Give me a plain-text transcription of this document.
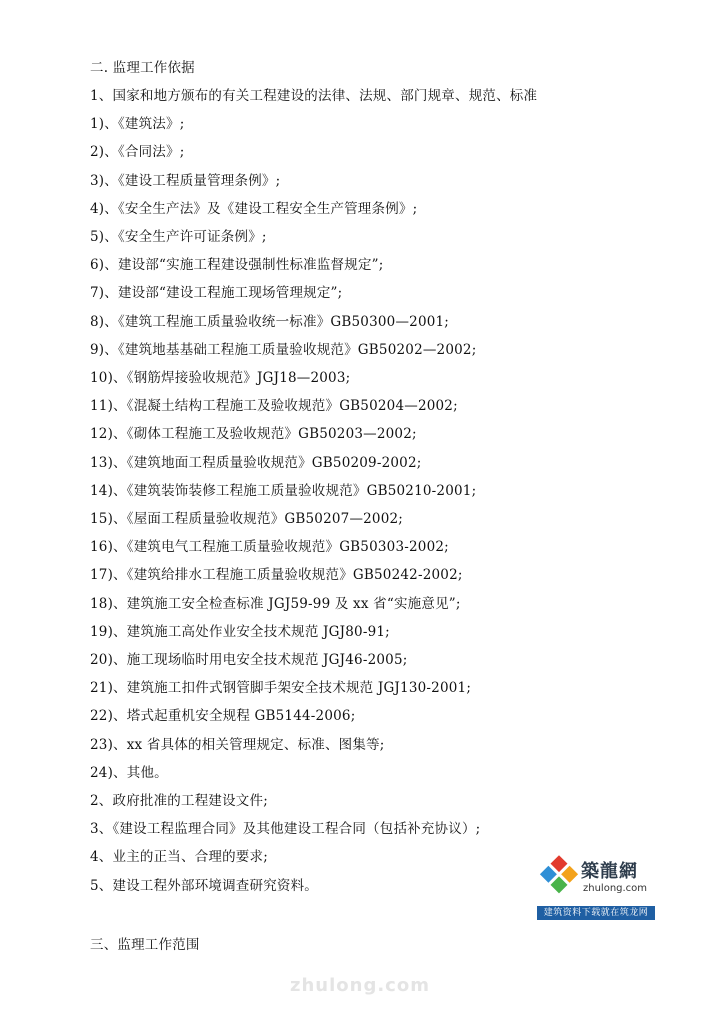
二. 监理工作依据
1、国家和地方颁布的有关工程建设的法律、法规、部门规章、规范、标准
1)、《建筑法》;
2)、《合同法》;
3)、《建设工程质量管理条例》;
4)、《安全生产法》及《建设工程安全生产管理条例》;
5)、《安全生产许可证条例》;
6)、建设部“实施工程建设强制性标准监督规定”;
7)、建设部“建设工程施工现场管理规定”;
8)、《建筑工程施工质量验收统一标准》GB50300—2001;
9)、《建筑地基基础工程施工质量验收规范》GB50202—2002;
10)、《钢筋焊接验收规范》JGJ18—2003;
11)、《混凝土结构工程施工及验收规范》GB50204—2002;
12)、《砌体工程施工及验收规范》GB50203—2002;
13)、《建筑地面工程质量验收规范》GB50209-2002;
14)、《建筑装饰装修工程施工质量验收规范》GB50210-2001;
15)、《屋面工程质量验收规范》GB50207—2002;
16)、《建筑电气工程施工质量验收规范》GB50303-2002;
17)、《建筑给排水工程施工质量验收规范》GB50242-2002;
18)、建筑施工安全检查标准 JGJ59-99 及 xx 省“实施意见”;
19)、建筑施工高处作业安全技术规范 JGJ80-91;
20)、施工现场临时用电安全技术规范 JGJ46-2005;
21)、建筑施工扣件式钢管脚手架安全技术规范 JGJ130-2001;
22)、塔式起重机安全规程 GB5144-2006;
23)、xx 省具体的相关管理规定、标准、图集等;
24)、其他。
2、政府批准的工程建设文件;
3、《建设工程监理合同》及其他建设工程合同（包括补充协议）;
4、业主的正当、合理的要求;
5、建设工程外部环境调查研究资料。
三、监理工作范围
築龍網
zhulong.com
建筑资料下载就在筑龙网
zhulong.com
